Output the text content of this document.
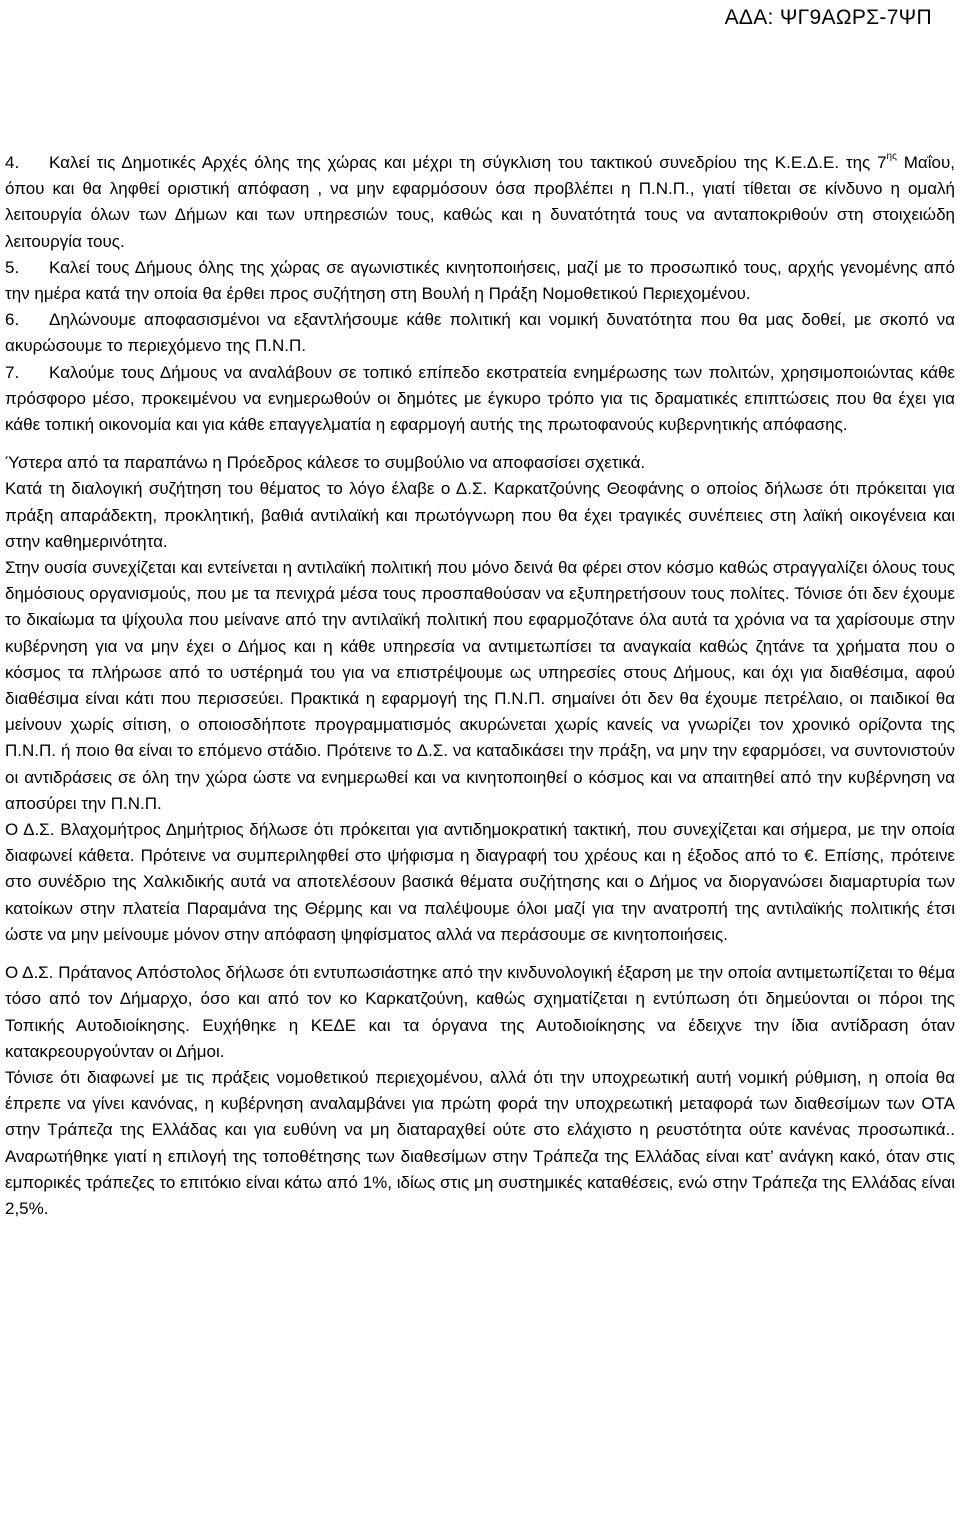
ΑΔΑ: ΨΓ9ΑΩΡΣ-7ΨΠ

4. Καλεί τις Δημοτικές Αρχές όλης της χώρας και μέχρι τη σύγκλιση του τακτικού συνεδρίου της Κ.Ε.Δ.Ε. της $7^{\eta\varsigma}$ Μαΐου, όπου και θα ληφθεί οριστική απόφαση , να μην εφαρμόσουν όσα προβλέπει η Π.Ν.Π., γιατί τίθεται σε κίνδυνο η ομαλή λειτουργία όλων των Δήμων και των υπηρεσιών τους, καθώς και η δυνατότητά τους να ανταποκριθούν στη στοιχειώδη λειτουργία τους.

5. Καλεί τους Δήμους όλης της χώρας σε αγωνιστικές κινητοποιήσεις, μαζί με το προσωπικό τους, αρχής γενομένης από την ημέρα κατά την οποία θα έρθει προς συζήτηση στη Βουλή η Πράξη Νομοθετικού Περιεχομένου.

6. Δηλώνουμε αποφασισμένοι να εξαντλήσουμε κάθε πολιτική και νομική δυνατότητα που θα μας δοθεί, με σκοπό να ακυρώσουμε το περιεχόμενο της Π.Ν.Π.

7. Καλούμε τους Δήμους να αναλάβουν σε τοπικό επίπεδο εκστρατεία ενημέρωσης των πολιτών, χρησιμοποιώντας κάθε πρόσφορο μέσο, προκειμένου να ενημερωθούν οι δημότες με έγκυρο τρόπο για τις δραματικές επιπτώσεις που θα έχει για κάθε τοπική οικονομία και για κάθε επαγγελματία η εφαρμογή αυτής της πρωτοφανούς κυβερνητικής απόφασης.

Ύστερα από τα παραπάνω η Πρόεδρος κάλεσε το συμβούλιο να αποφασίσει σχετικά.

Κατά τη διαλογική συζήτηση του θέματος το λόγο έλαβε ο Δ.Σ. Καρκατζούνης Θεοφάνης ο οποίος δήλωσε ότι πρόκειται για πράξη απαράδεκτη, προκλητική, βαθιά αντιλαϊκή και πρωτόγνωρη που θα έχει τραγικές συνέπειες στη λαϊκή οικογένεια και στην καθημερινότητα.

Στην ουσία συνεχίζεται και εντείνεται η αντιλαϊκή πολιτική που μόνο δεινά θα φέρει στον κόσμο καθώς στραγγαλίζει όλους τους δημόσιους οργανισμούς, που με τα πενιχρά μέσα τους προσπαθούσαν να εξυπηρετήσουν τους πολίτες. Τόνισε ότι δεν έχουμε το δικαίωμα τα ψίχουλα που μείνανε από την αντιλαϊκή πολιτική που εφαρμοζότανε όλα αυτά τα χρόνια να τα χαρίσουμε στην κυβέρνηση για να μην έχει ο Δήμος και η κάθε υπηρεσία να αντιμετωπίσει τα αναγκαία καθώς ζητάνε τα χρήματα που ο κόσμος τα πλήρωσε από το υστέρημά του για να επιστρέψουμε ως υπηρεσίες στους Δήμους, και όχι για διαθέσιμα, αφού διαθέσιμα είναι κάτι που περισσεύει. Πρακτικά η εφαρμογή της Π.Ν.Π. σημαίνει ότι δεν θα έχουμε πετρέλαιο, οι παιδικοί θα μείνουν χωρίς σίτιση, ο οποιοσδήποτε προγραμματισμός ακυρώνεται χωρίς κανείς να γνωρίζει τον χρονικό ορίζοντα της Π.Ν.Π. ή ποιο θα είναι το επόμενο στάδιο. Πρότεινε το Δ.Σ. να καταδικάσει την πράξη, να μην την εφαρμόσει, να συντονιστούν οι αντιδράσεις σε όλη την χώρα ώστε να ενημερωθεί και να κινητοποιηθεί ο κόσμος και να απαιτηθεί από την κυβέρνηση να αποσύρει την Π.Ν.Π.

Ο Δ.Σ. Βλαχομήτρος Δημήτριος δήλωσε ότι πρόκειται για αντιδημοκρατική τακτική, που συνεχίζεται και σήμερα, με την οποία διαφωνεί κάθετα. Πρότεινε να συμπεριληφθεί στο ψήφισμα η διαγραφή του χρέους και η έξοδος από το €. Επίσης, πρότεινε στο συνέδριο της Χαλκιδικής αυτά να αποτελέσουν βασικά θέματα συζήτησης και ο Δήμος να διοργανώσει διαμαρτυρία των κατοίκων στην πλατεία Παραμάνα της Θέρμης και να παλέψουμε όλοι μαζί για την ανατροπή της αντιλαϊκής πολιτικής έτσι ώστε να μην μείνουμε μόνον στην απόφαση ψηφίσματος αλλά να περάσουμε σε κινητοποιήσεις.

Ο Δ.Σ. Πράτανος Απόστολος δήλωσε ότι εντυπωσιάστηκε από την κινδυνολογική έξαρση με την οποία αντιμετωπίζεται το θέμα τόσο από τον Δήμαρχο, όσο και από τον κο Καρκατζούνη, καθώς σχηματίζεται η εντύπωση ότι δημεύονται οι πόροι της Τοπικής Αυτοδιοίκησης. Ευχήθηκε η ΚΕΔΕ και τα όργανα της Αυτοδιοίκησης να έδειχνε την ίδια αντίδραση όταν κατακρεουργούνταν οι Δήμοι.

Τόνισε ότι διαφωνεί με τις πράξεις νομοθετικού περιεχομένου, αλλά ότι την υποχρεωτική αυτή νομική ρύθμιση, η οποία θα έπρεπε να γίνει κανόνας, η κυβέρνηση αναλαμβάνει για πρώτη φορά την υποχρεωτική μεταφορά των διαθεσίμων των ΟΤΑ στην Τράπεζα της Ελλάδας και για ευθύνη να μη διαταραχθεί ούτε στο ελάχιστο η ρευστότητα ούτε κανένας προσωπικά.. Αναρωτήθηκε γιατί η επιλογή της τοποθέτησης των διαθεσίμων στην Τράπεζα της Ελλάδας είναι κατ’ ανάγκη κακό, όταν στις εμπορικές τράπεζες το επιτόκιο είναι κάτω από 1%, ιδίως στις μη συστημικές καταθέσεις, ενώ στην Τράπεζα της Ελλάδας είναι 2,5%.
